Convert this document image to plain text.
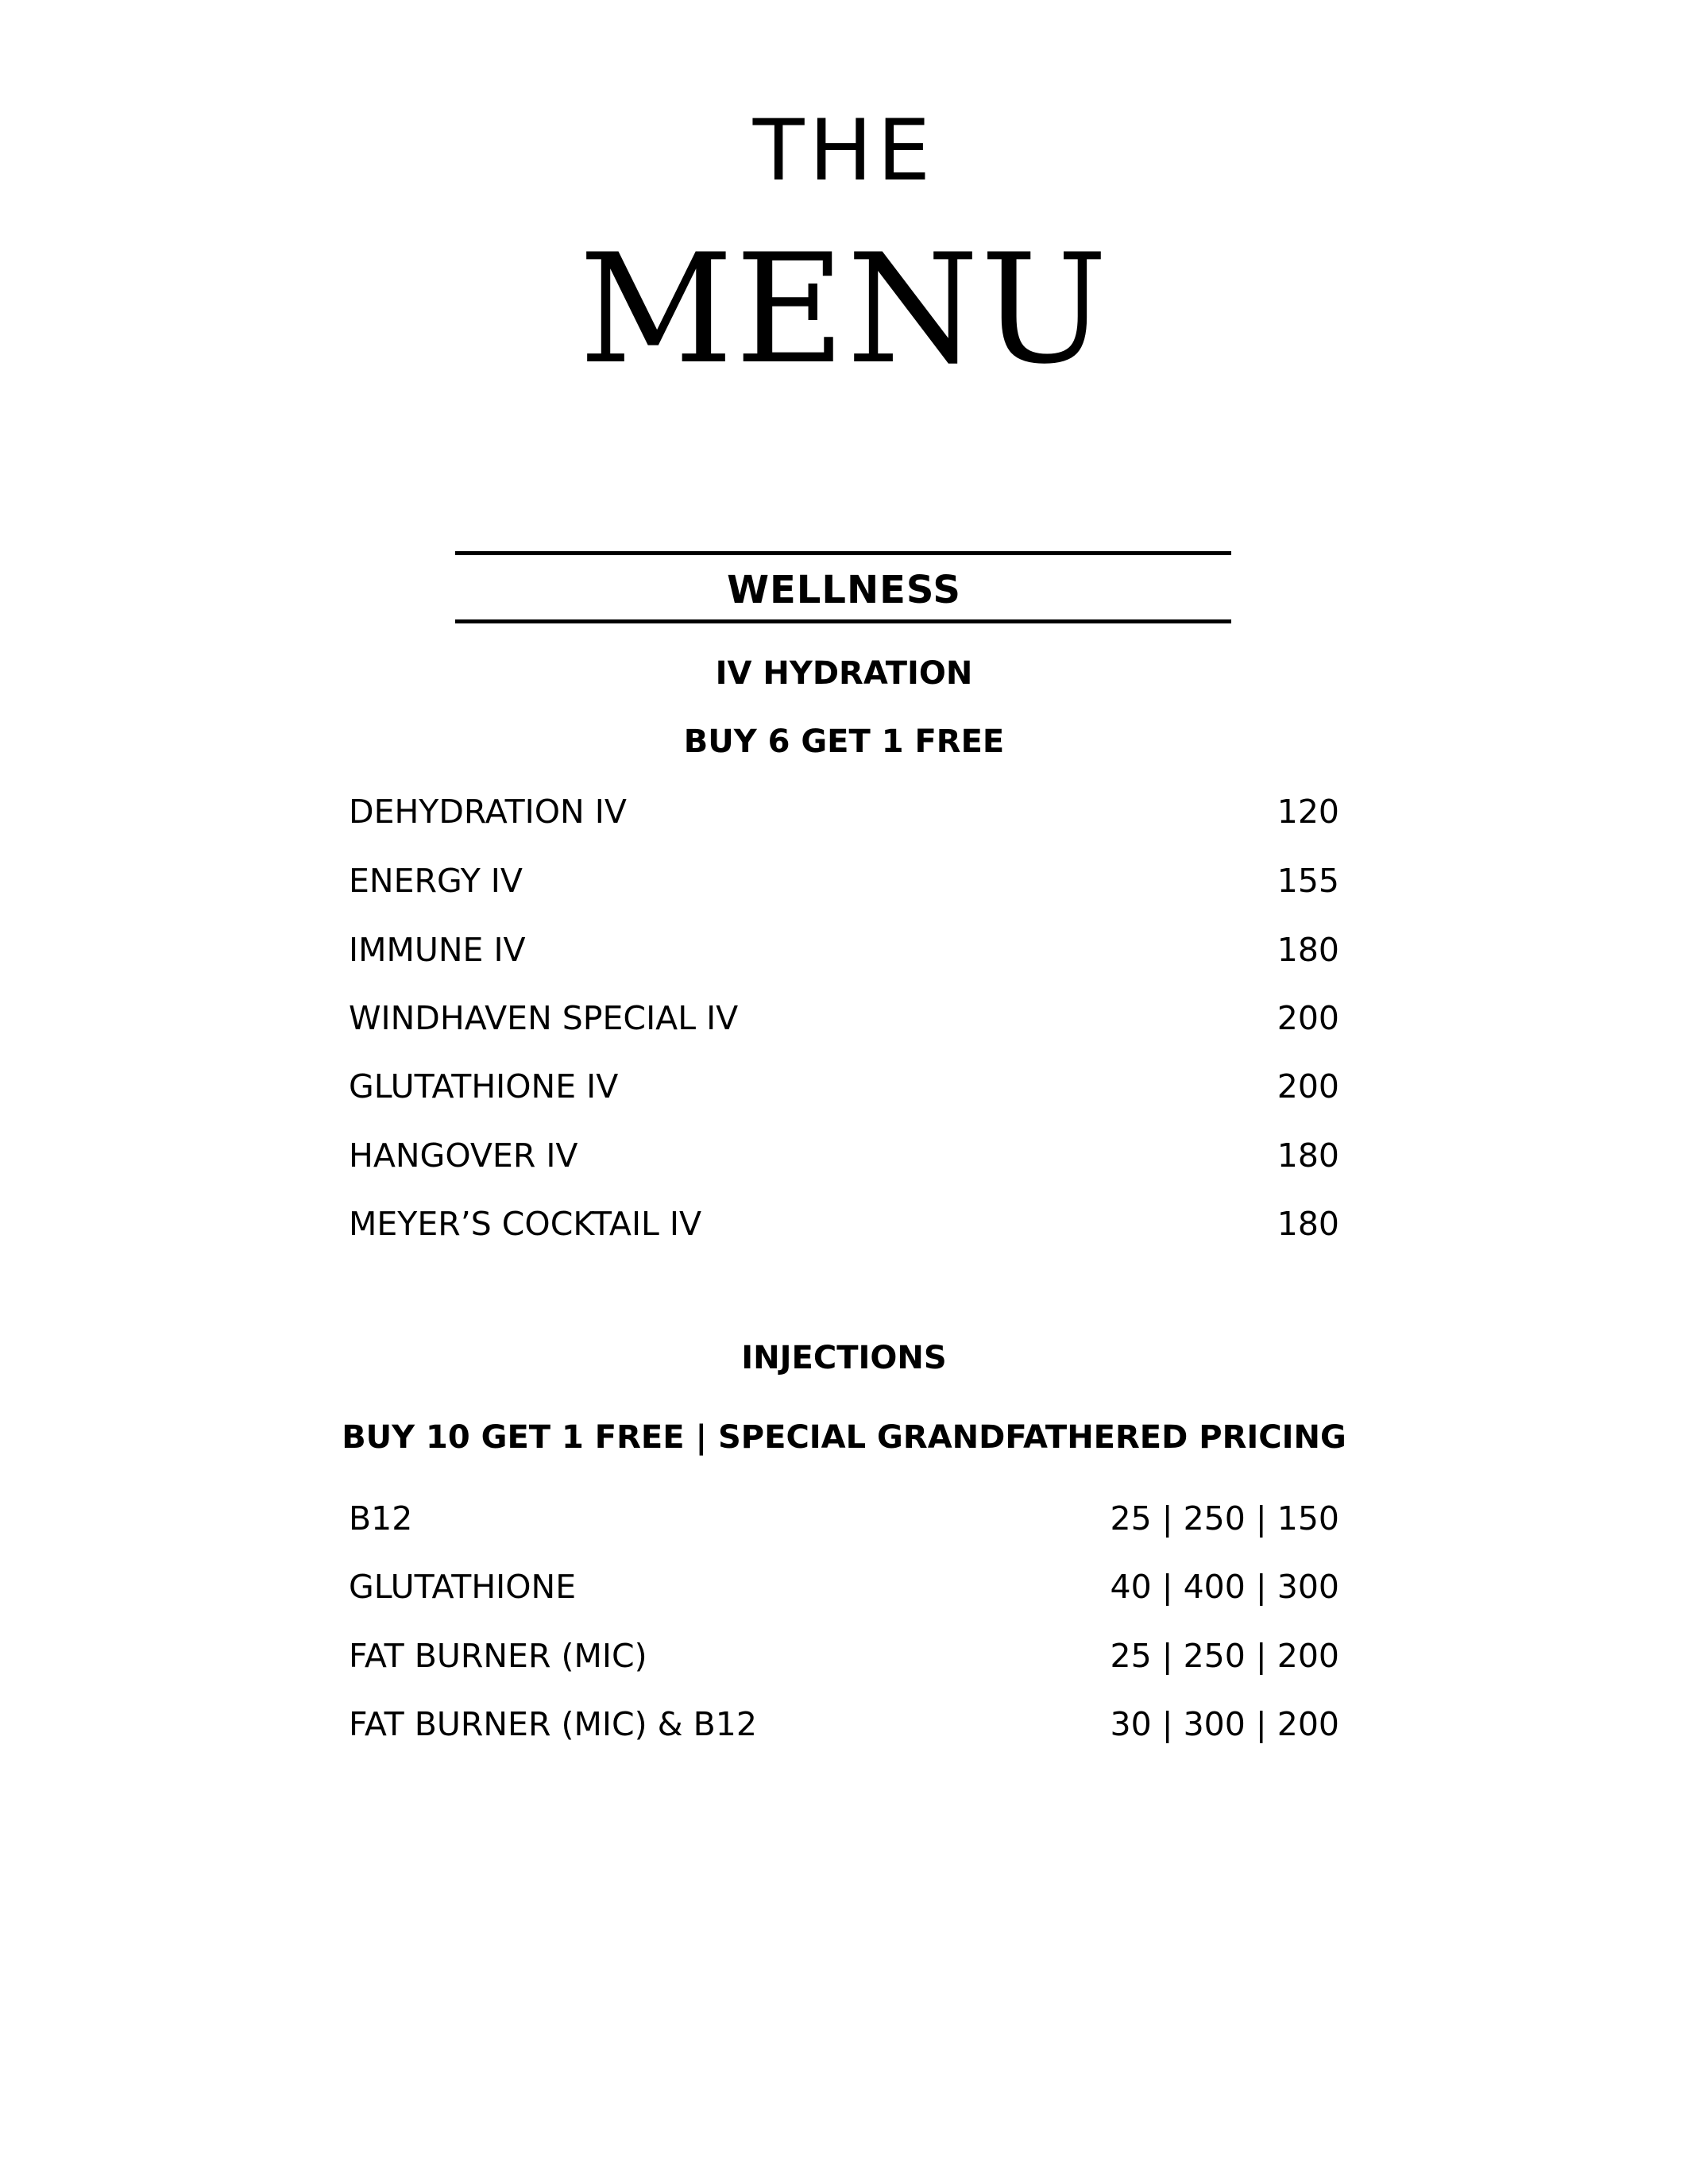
THE
MENU
WELLNESS
IV HYDRATION
BUY 6 GET 1 FREE
DEHYDRATION IV	120
ENERGY IV	155
IMMUNE IV	180
WINDHAVEN SPECIAL IV	200
GLUTATHIONE IV	200
HANGOVER IV	180
MEYER’S COCKTAIL IV	180
INJECTIONS
BUY 10 GET 1 FREE | SPECIAL GRANDFATHERED PRICING
B12	25 | 250 | 150
GLUTATHIONE	40 | 400 | 300
FAT BURNER (MIC)	25 | 250 | 200
FAT BURNER (MIC) & B12	30 | 300 | 200
